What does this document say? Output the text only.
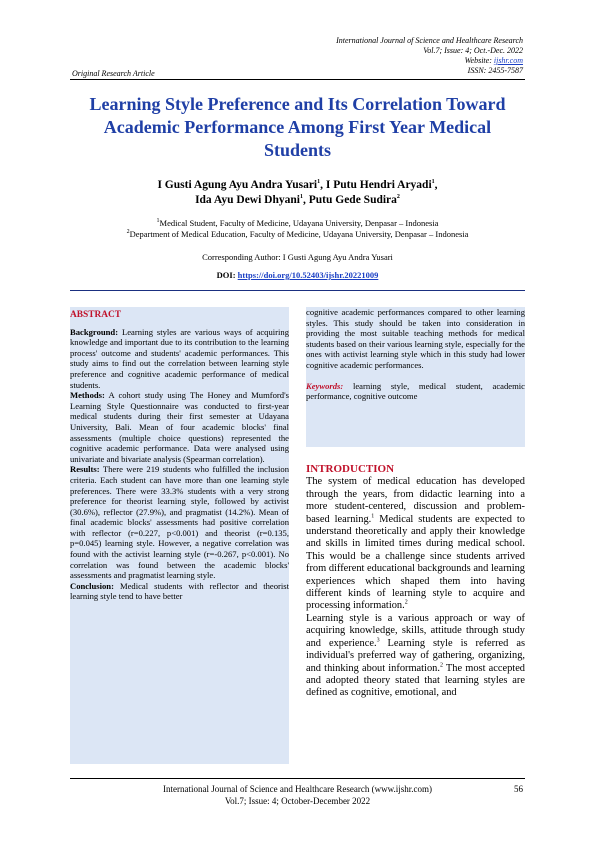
International Journal of Science and Healthcare Research
Vol.7; Issue: 4; Oct.-Dec. 2022
Website: ijshr.com
ISSN: 2455-7587
Original Research Article
Learning Style Preference and Its Correlation Toward Academic Performance Among First Year Medical Students
I Gusti Agung Ayu Andra Yusari$^1$, I Putu Hendri Aryadi$^1$,
Ida Ayu Dewi Dhyani$^1$, Putu Gede Sudira$^2$
$^1$Medical Student, Faculty of Medicine, Udayana University, Denpasar – Indonesia
$^2$Department of Medical Education, Faculty of Medicine, Udayana University, Denpasar – Indonesia
Corresponding Author: I Gusti Agung Ayu Andra Yusari
DOI: https://doi.org/10.52403/ijshr.20221009

ABSTRACT

Background: Learning styles are various ways of acquiring knowledge and important due to its contribution to the learning process' outcome and students' academic performances. This study aims to find out the correlation between learning style preference and cognitive academic performance of medical students.

Methods: A cohort study using The Honey and Mumford's Learning Style Questionnaire was conducted to first-year medical students during their first semester at Udayana University, Bali. Mean of four academic blocks' final assessments (multiple choice questions) represented the cognitive academic performance. Data were analysed using univariate and bivariate analysis (Spearman correlation).

Results: There were 219 students who fulfilled the inclusion criteria. Each student can have more than one learning style preferences. There were 33.3% students with a very strong preference for theorist learning style, followed by activist (30.6%), reflector (27.9%), and pragmatist (14.2%). Mean of final academic blocks' assessments had positive correlation with reflector (r=0.227, p<0.001) and theorist (r=0.135, p=0.045) learning style. However, a negative correlation was found with the activist learning style (r=-0.267, p<0.001). No correlation was found between the academic blocks' assessments and pragmatist learning style.

Conclusion: Medical students with reflector and theorist learning style tend to have better

cognitive academic performances compared to other learning styles. This study should be taken into consideration in providing the most suitable teaching methods for medical students based on their various learning style, especially for the ones with activist learning style which in this study had lower cognitive academic performances.

Keywords: learning style, medical student, academic performance, cognitive outcome

INTRODUCTION
The system of medical education has developed through the years, from didactic learning into a more student-centered, discussion and problem-based learning.$^1$ Medical students are expected to understand theoretically and apply their knowledge and skills in limited times during medical school. This would be a challenge since students arrived from different educational backgrounds and learning experiences which shaped them into having different kinds of learning style to acquire and processing information.$^2$
Learning style is a various approach or way of acquiring knowledge, skills, attitude through study and experience.$^3$ Learning style is referred as individual's preferred way of gathering, organizing, and thinking about information.$^2$ The most accepted and adopted theory stated that learning styles are defined as cognitive, emotional, and
International Journal of Science and Healthcare Research (www.ijshr.com)	56
Vol.7; Issue: 4; October-December 2022
